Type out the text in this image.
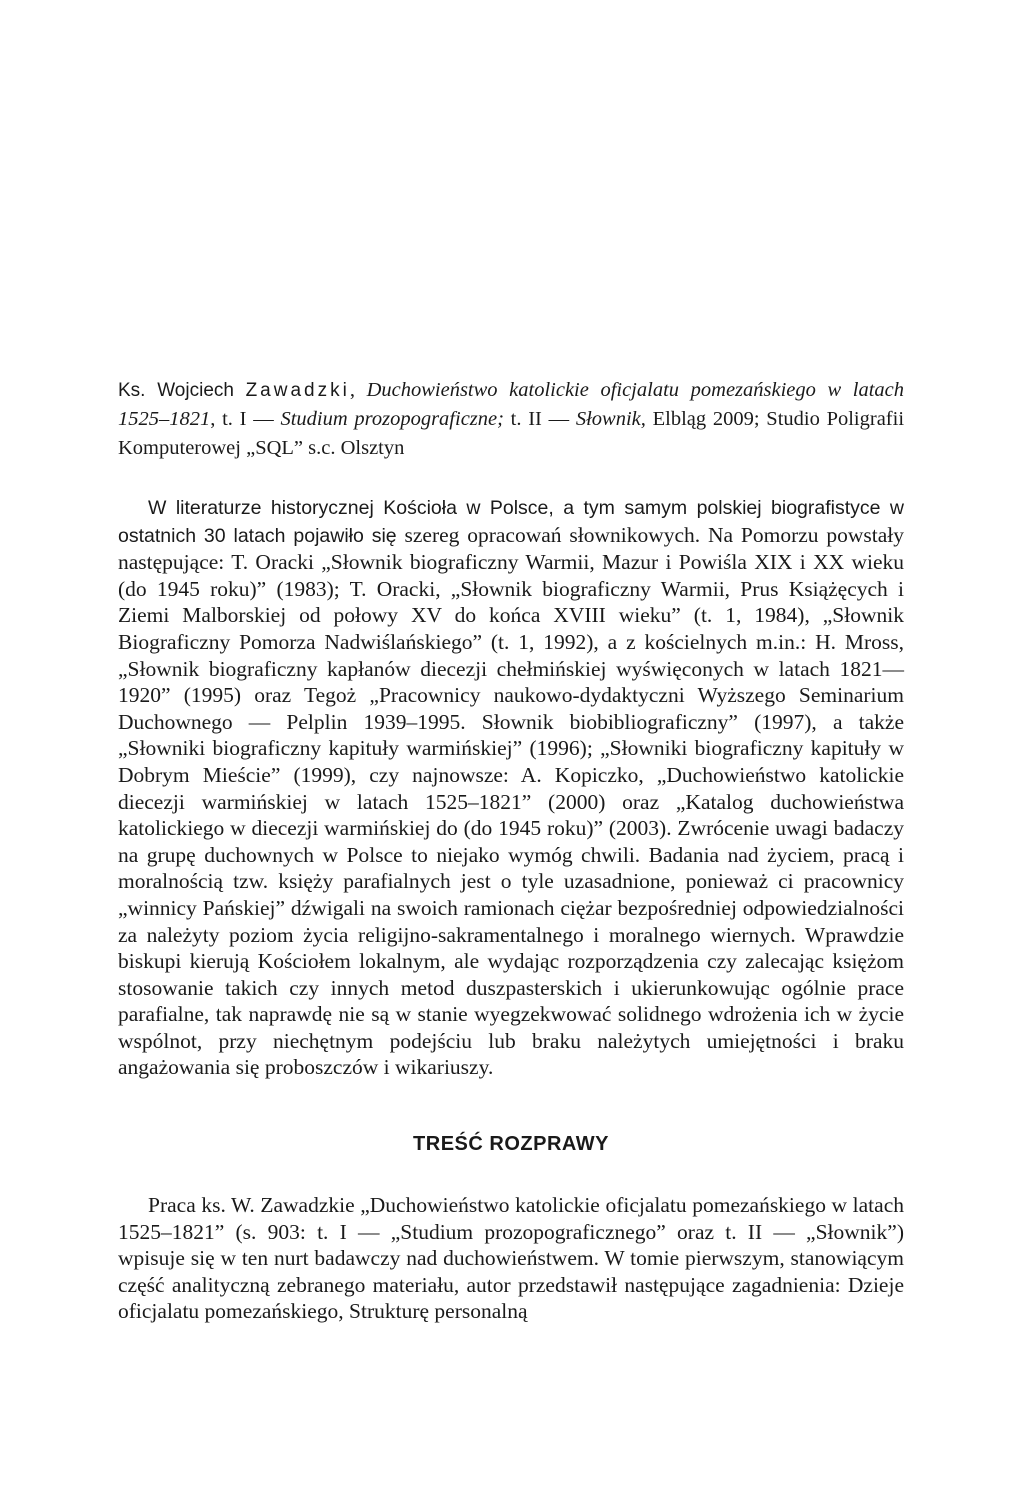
Ks. Wojciech Zawadzki, Duchowieństwo katolickie oficjalatu pomezańskiego w latach 1525–1821, t. I — Studium prozopograficzne; t. II — Słownik, Elbląg 2009; Studio Poligrafii Komputerowej „SQL” s.c. Olsztyn

W literaturze historycznej Kościoła w Polsce, a tym samym polskiej biografistyce w ostatnich 30 latach pojawiło się szereg opracowań słownikowych. Na Pomorzu powstały następujące: T. Oracki „Słownik biograficzny Warmii, Mazur i Powiśla XIX i XX wieku (do 1945 roku)” (1983); T. Oracki, „Słownik biograficzny Warmii, Prus Książęcych i Ziemi Malborskiej od połowy XV do końca XVIII wieku” (t. 1, 1984), „Słownik Biograficzny Pomorza Nadwiślańskiego” (t. 1, 1992), a z kościelnych m.in.: H. Mross, „Słownik biograficzny kapłanów diecezji chełmińskiej wyświęconych w latach 1821—1920” (1995) oraz Tegoż „Pracownicy naukowo-dydaktyczni Wyższego Seminarium Duchownego — Pelplin 1939–1995. Słownik biobibliograficzny” (1997), a także „Słowniki biograficzny kapituły warmińskiej” (1996); „Słowniki biograficzny kapituły w Dobrym Mieście” (1999), czy najnowsze: A. Kopiczko, „Duchowieństwo katolickie diecezji warmińskiej w latach 1525–1821” (2000) oraz „Katalog duchowieństwa katolickiego w diecezji warmińskiej do (do 1945 roku)” (2003). Zwrócenie uwagi badaczy na grupę duchownych w Polsce to niejako wymóg chwili. Badania nad życiem, pracą i moralnością tzw. księży parafialnych jest o tyle uzasadnione, ponieważ ci pracownicy „winnicy Pańskiej” dźwigali na swoich ramionach ciężar bezpośredniej odpowiedzialności za należyty poziom życia religijno-sakramentalnego i moralnego wiernych. Wprawdzie biskupi kierują Kościołem lokalnym, ale wydając rozporządzenia czy zalecając księżom stosowanie takich czy innych metod duszpasterskich i ukierunkowując ogólnie prace parafialne, tak naprawdę nie są w stanie wyegzekwować solidnego wdrożenia ich w życie wspólnot, przy niechętnym podejściu lub braku należytych umiejętności i braku angażowania się proboszczów i wikariuszy.

TREŚĆ ROZPRAWY

Praca ks. W. Zawadzkie „Duchowieństwo katolickie oficjalatu pomezańskiego w latach 1525–1821” (s. 903: t. I — „Studium prozopograficznego” oraz t. II — „Słownik”) wpisuje się w ten nurt badawczy nad duchowieństwem. W tomie pierwszym, stanowiącym część analityczną zebranego materiału, autor przedstawił następujące zagadnienia: Dzieje oficjalatu pomezańskiego, Strukturę personalną
